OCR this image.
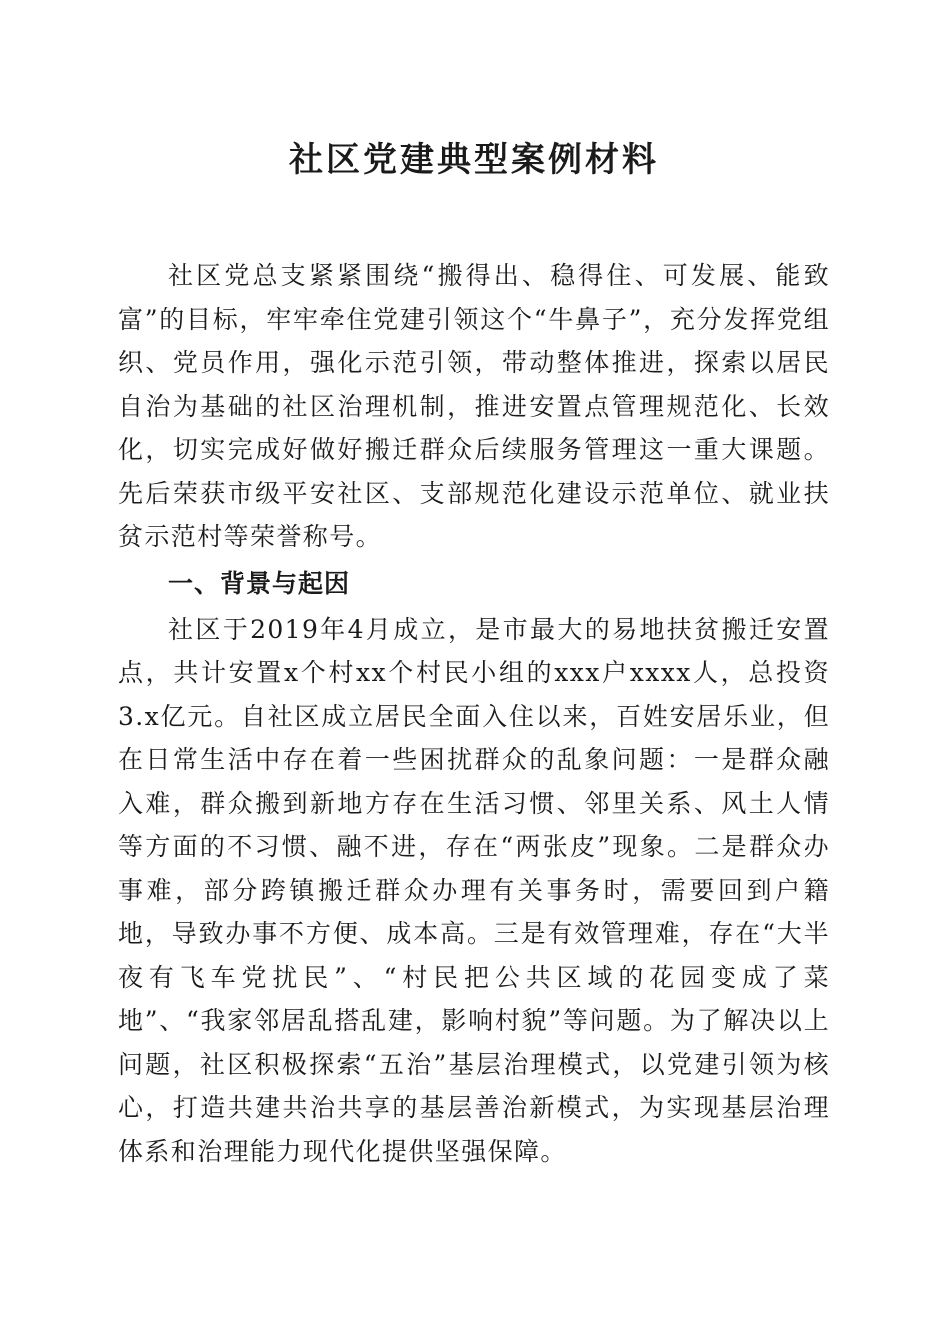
社区党建典型案例材料

社区党总支紧紧围绕“搬得出、稳得住、可发展、能致富”的目标，牢牢牵住党建引领这个“牛鼻子”，充分发挥党组织、党员作用，强化示范引领，带动整体推进，探索以居民自治为基础的社区治理机制，推进安置点管理规范化、长效化，切实完成好做好搬迁群众后续服务管理这一重大课题。先后荣获市级平安社区、支部规范化建设示范单位、就业扶贫示范村等荣誉称号。

一、背景与起因

社区于2019年4月成立，是市最大的易地扶贫搬迁安置点，共计安置x个村xx个村民小组的xxx户xxxx人，总投资3.x亿元。自社区成立居民全面入住以来，百姓安居乐业，但在日常生活中存在着一些困扰群众的乱象问题：一是群众融入难，群众搬到新地方存在生活习惯、邻里关系、风土人情等方面的不习惯、融不进，存在“两张皮”现象。二是群众办事难，部分跨镇搬迁群众办理有关事务时，需要回到户籍地，导致办事不方便、成本高。三是有效管理难，存在“大半夜有飞车党扰民”、“村民把公共区域的花园变成了菜地”、“我家邻居乱搭乱建，影响村貌”等问题。为了解决以上问题，社区积极探索“五治”基层治理模式，以党建引领为核心，打造共建共治共享的基层善治新模式，为实现基层治理体系和治理能力现代化提供坚强保障。
